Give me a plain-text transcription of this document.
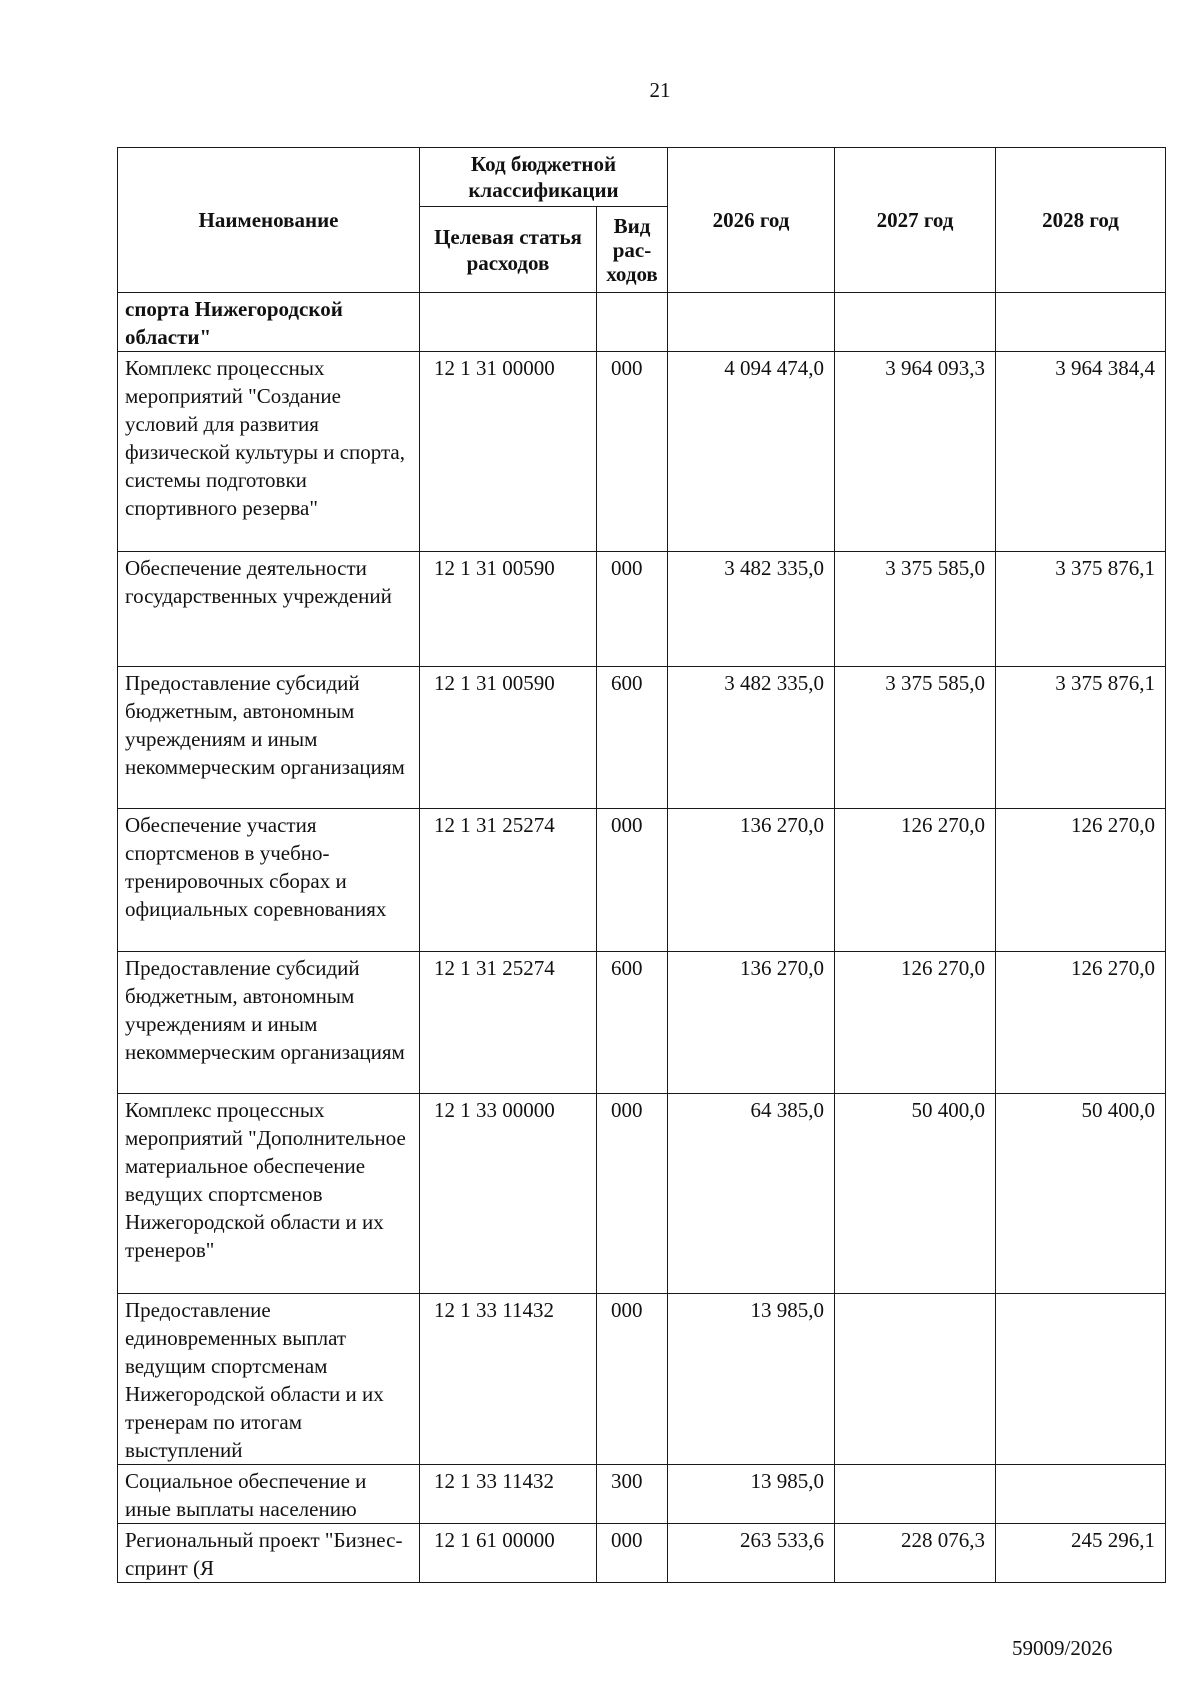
21
Наименование	Код бюджетной классификации		2026 год	2027 год	2028 год
	Целевая статья расходов	Вид рас- ходов			
спорта Нижегородской области"					
Комплекс процессных мероприятий "Создание условий для развития физической культуры и спорта, системы подготовки спортивного резерва"	12 1 31 00000	000	4 094 474,0	3 964 093,3	3 964 384,4
Обеспечение деятельности государственных учреждений	12 1 31 00590	000	3 482 335,0	3 375 585,0	3 375 876,1
Предоставление субсидий бюджетным, автономным учреждениям и иным некоммерческим организациям	12 1 31 00590	600	3 482 335,0	3 375 585,0	3 375 876,1
Обеспечение участия спортсменов в учебно-тренировочных сборах и официальных соревнованиях	12 1 31 25274	000	136 270,0	126 270,0	126 270,0
Предоставление субсидий бюджетным, автономным учреждениям и иным некоммерческим организациям	12 1 31 25274	600	136 270,0	126 270,0	126 270,0
Комплекс процессных мероприятий "Дополнительное материальное обеспечение ведущих спортсменов Нижегородской области и их тренеров"	12 1 33 00000	000	64 385,0	50 400,0	50 400,0
Предоставление единовременных выплат ведущим спортсменам Нижегородской области и их тренерам по итогам выступлений	12 1 33 11432	000	13 985,0		
Социальное обеспечение и иные выплаты населению	12 1 33 11432	300	13 985,0		
Региональный проект "Бизнес-спринт (Я	12 1 61 00000	000	263 533,6	228 076,3	245 296,1
59009/2026
